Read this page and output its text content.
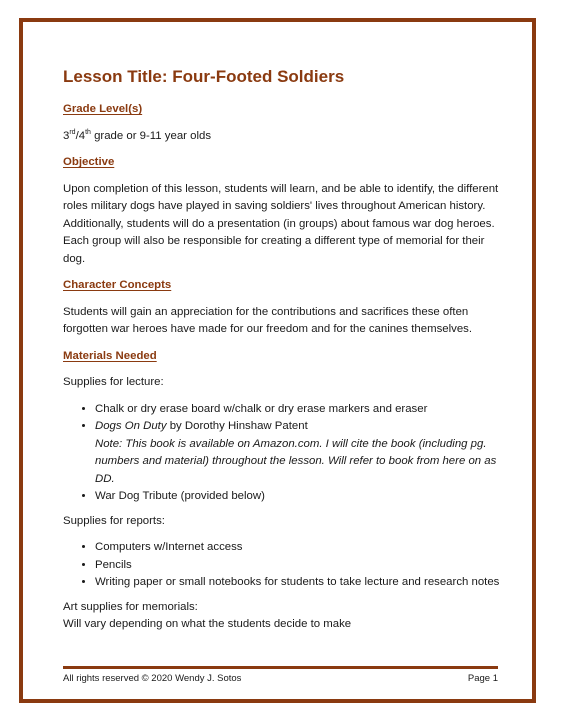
Lesson Title: Four-Footed Soldiers
Grade Level(s)

3rd/4th grade or 9-11 year olds

Objective

Upon completion of this lesson, students will learn, and be able to identify, the different roles military dogs have played in saving soldiers' lives throughout American history. Additionally, students will do a presentation (in groups) about famous war dog heroes. Each group will also be responsible for creating a different type of memorial for their dog.

Character Concepts

Students will gain an appreciation for the contributions and sacrifices these often forgotten war heroes have made for our freedom and for the canines themselves.

Materials Needed

Supplies for lecture:

• Chalk or dry erase board w/chalk or dry erase markers and eraser
• Dogs On Duty by Dorothy Hinshaw Patent
Note: This book is available on Amazon.com. I will cite the book (including pg. numbers and material) throughout the lesson. Will refer to book from here on as DD.
• War Dog Tribute (provided below)

Supplies for reports:

• Computers w/Internet access
• Pencils
• Writing paper or small notebooks for students to take lecture and research notes

Art supplies for memorials:

Will vary depending on what the students decide to make

All rights reserved © 2020 Wendy J. Sotos	Page 1
